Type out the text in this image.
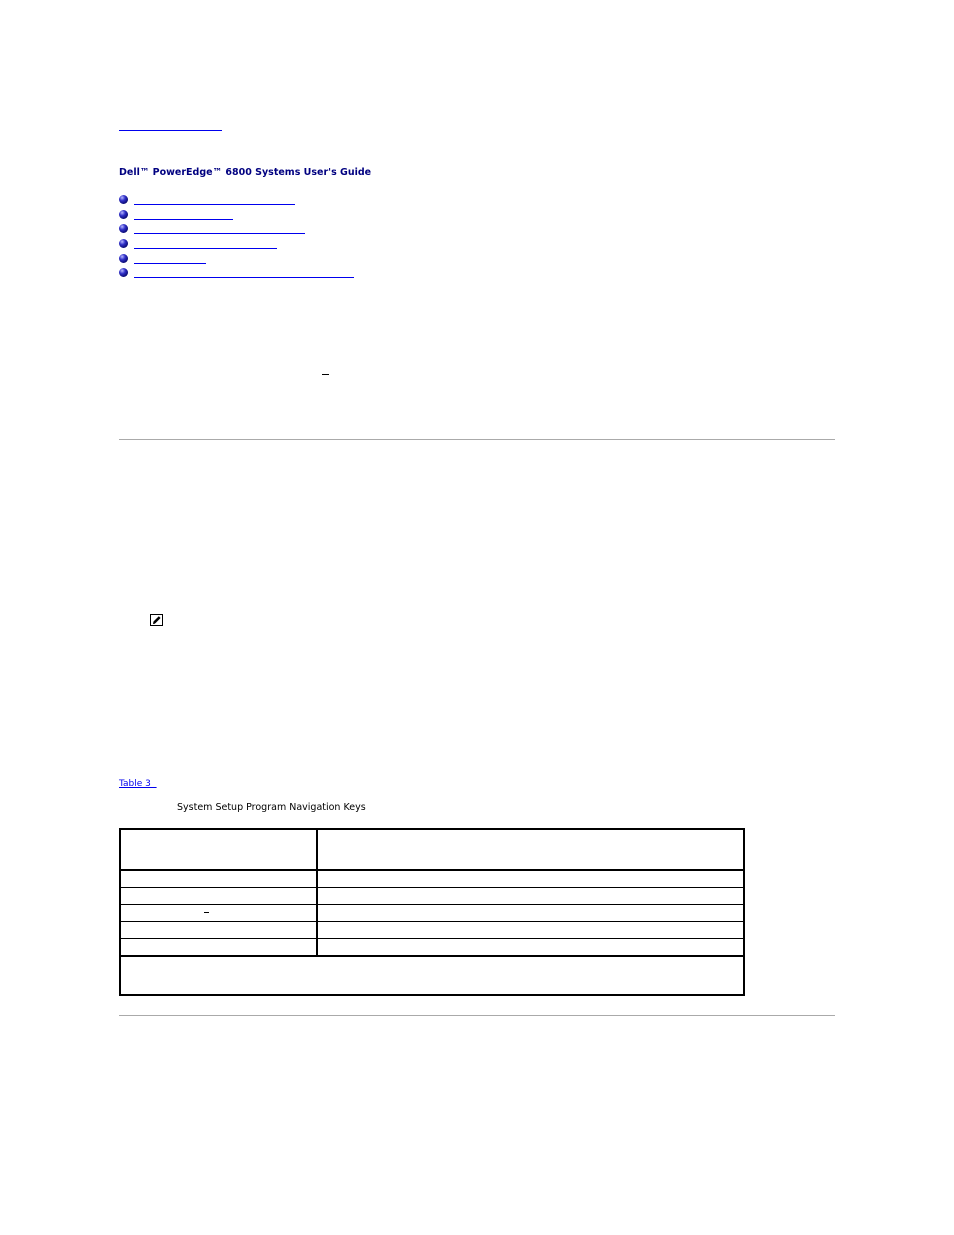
Dell™ PowerEdge™ 6800 Systems User's Guide
Table 3
System Setup Program Navigation Keys
